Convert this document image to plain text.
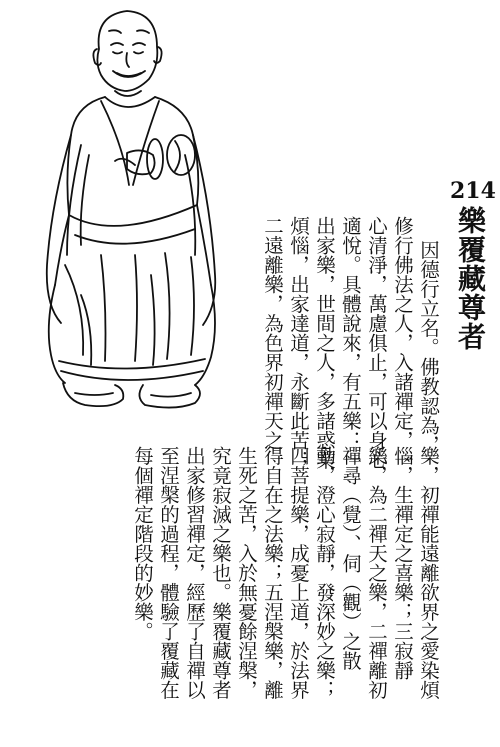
214
樂覆藏尊者
因德行立名。佛教認為，
修行佛法之人，入諸禪定，一
心清淨，萬慮俱止，可以身心
適悅。具體說來，有五樂：一
出家樂，世間之人，多諸惑業
煩惱，出家達道，永斷此苦；
二遠離樂，為色界初禪天之
樂，初禪能遠離欲界之愛染煩
惱，生禪定之喜樂；三寂靜
樂，為二禪天之樂，二禪離初
禪尋（覺）、伺（觀）之散
動，澄心寂靜，發深妙之樂；
四菩提樂，成憂上道，於法界
得自在之法樂；五涅槃樂，離
生死之苦，入於無憂餘涅槃，
究竟寂滅之樂也。樂覆藏尊者
出家修習禪定，經歷了自禪以
至涅槃的過程，體驗了覆藏在
每個禪定階段的妙樂。
